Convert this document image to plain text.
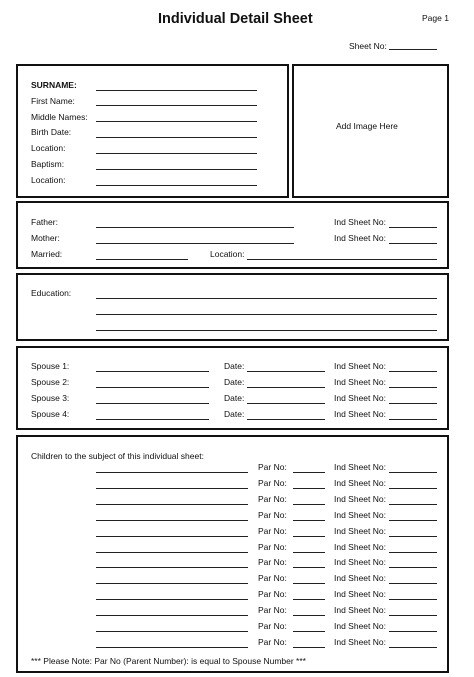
Individual Detail Sheet	Page 1
Sheet No:
SURNAME:
First Name:
Middle Names:
Birth Date:
Location:
Baptism:
Location:
Add Image Here
Father:	Ind Sheet No:
Mother:	Ind Sheet No:
Married:	Location:
Education:
Spouse 1:	Date:	Ind Sheet No:
Spouse 2:	Date:	Ind Sheet No:
Spouse 3:	Date:	Ind Sheet No:
Spouse 4:	Date:	Ind Sheet No:
Children to the subject of this individual sheet:
Par No:	Ind Sheet No:
Par No:	Ind Sheet No:
Par No:	Ind Sheet No:
Par No:	Ind Sheet No:
Par No:	Ind Sheet No:
Par No:	Ind Sheet No:
Par No:	Ind Sheet No:
Par No:	Ind Sheet No:
Par No:	Ind Sheet No:
Par No:	Ind Sheet No:
Par No:	Ind Sheet No:
Par No:	Ind Sheet No:
*** Please Note: Par No (Parent Number): is equal to Spouse Number ***
